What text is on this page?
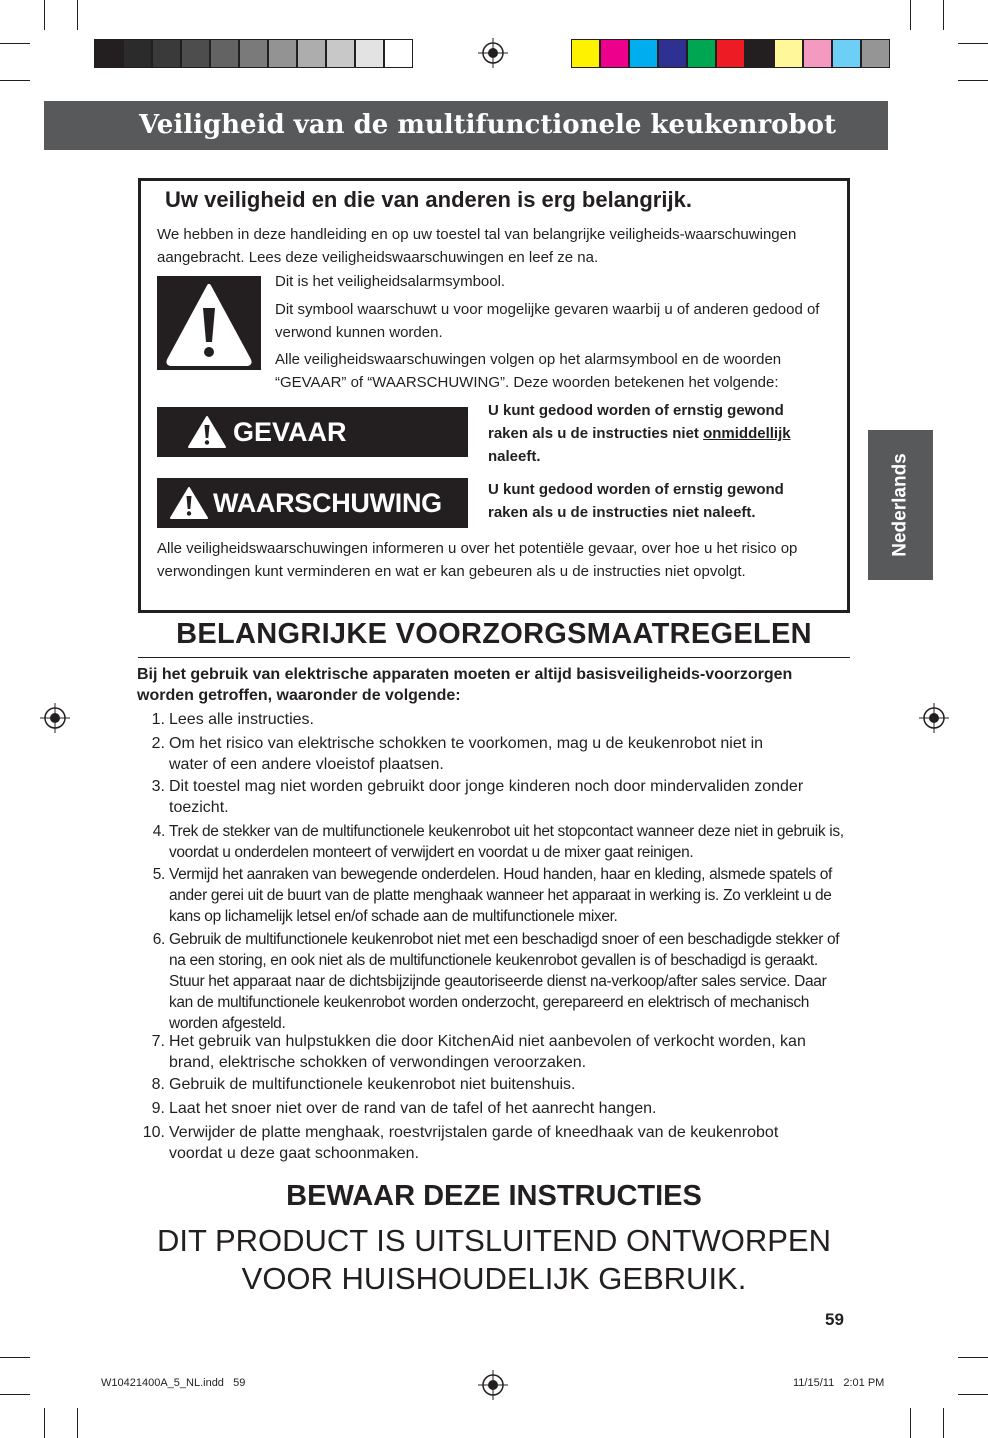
Veiligheid van de multifunctionele keukenrobot
Nederlands
Uw veiligheid en die van anderen is erg belangrijk.
We hebben in deze handleiding en op uw toestel tal van belangrijke veiligheids-waarschuwingen aangebracht. Lees deze veiligheidswaarschuwingen en leef ze na.
Dit is het veiligheidsalarmsymbool.
Dit symbool waarschuwt u voor mogelijke gevaren waarbij u of anderen gedood of verwond kunnen worden.
Alle veiligheidswaarschuwingen volgen op het alarmsymbool en de woorden “GEVAAR” of “WAARSCHUWING”. Deze woorden betekenen het volgende:
GEVAAR
U kunt gedood worden of ernstig gewond raken als u de instructies niet onmiddellijk naleeft.
WAARSCHUWING	U kunt gedood worden of ernstig gewond raken als u de instructies niet naleeft.
Alle veiligheidswaarschuwingen informeren u over het potentiële gevaar, over hoe u het risico op verwondingen kunt verminderen en wat er kan gebeuren als u de instructies niet opvolgt.
BELANGRIJKE VOORZORGSMAATREGELEN
Bij het gebruik van elektrische apparaten moeten er altijd basisveiligheids-voorzorgen worden getroffen, waaronder de volgende:
1. Lees alle instructies.
2. Om het risico van elektrische schokken te voorkomen, mag u de keukenrobot niet in water of een andere vloeistof plaatsen.
3. Dit toestel mag niet worden gebruikt door jonge kinderen noch door mindervaliden zonder toezicht.
4. Trek de stekker van de multifunctionele keukenrobot uit het stopcontact wanneer deze niet in gebruik is, voordat u onderdelen monteert of verwijdert en voordat u de mixer gaat reinigen.
5. Vermijd het aanraken van bewegende onderdelen. Houd handen, haar en kleding, alsmede spatels of ander gerei uit de buurt van de platte menghaak wanneer het apparaat in werking is. Zo verkleint u de kans op lichamelijk letsel en/of schade aan de multifunctionele mixer.
6. Gebruik de multifunctionele keukenrobot niet met een beschadigd snoer of een beschadigde stekker of na een storing, en ook niet als de multifunctionele keukenrobot gevallen is of beschadigd is geraakt. Stuur het apparaat naar de dichtsbijzijnde geautoriseerde dienst na-verkoop/after sales service. Daar kan de multifunctionele keukenrobot worden onderzocht, gerepareerd en elektrisch of mechanisch worden afgesteld.
7. Het gebruik van hulpstukken die door KitchenAid niet aanbevolen of verkocht worden, kan brand, elektrische schokken of verwondingen veroorzaken.
8. Gebruik de multifunctionele keukenrobot niet buitenshuis.
9. Laat het snoer niet over de rand van de tafel of het aanrecht hangen.
10. Verwijder de platte menghaak, roestvrijstalen garde of kneedhaak van de keukenrobot voordat u deze gaat schoonmaken.
BEWAAR DEZE INSTRUCTIES
DIT PRODUCT IS UITSLUITEND ONTWORPEN VOOR HUISHOUDELIJK GEBRUIK.
59
W10421400A_5_NL.indd   59	11/15/11   2:01 PM
